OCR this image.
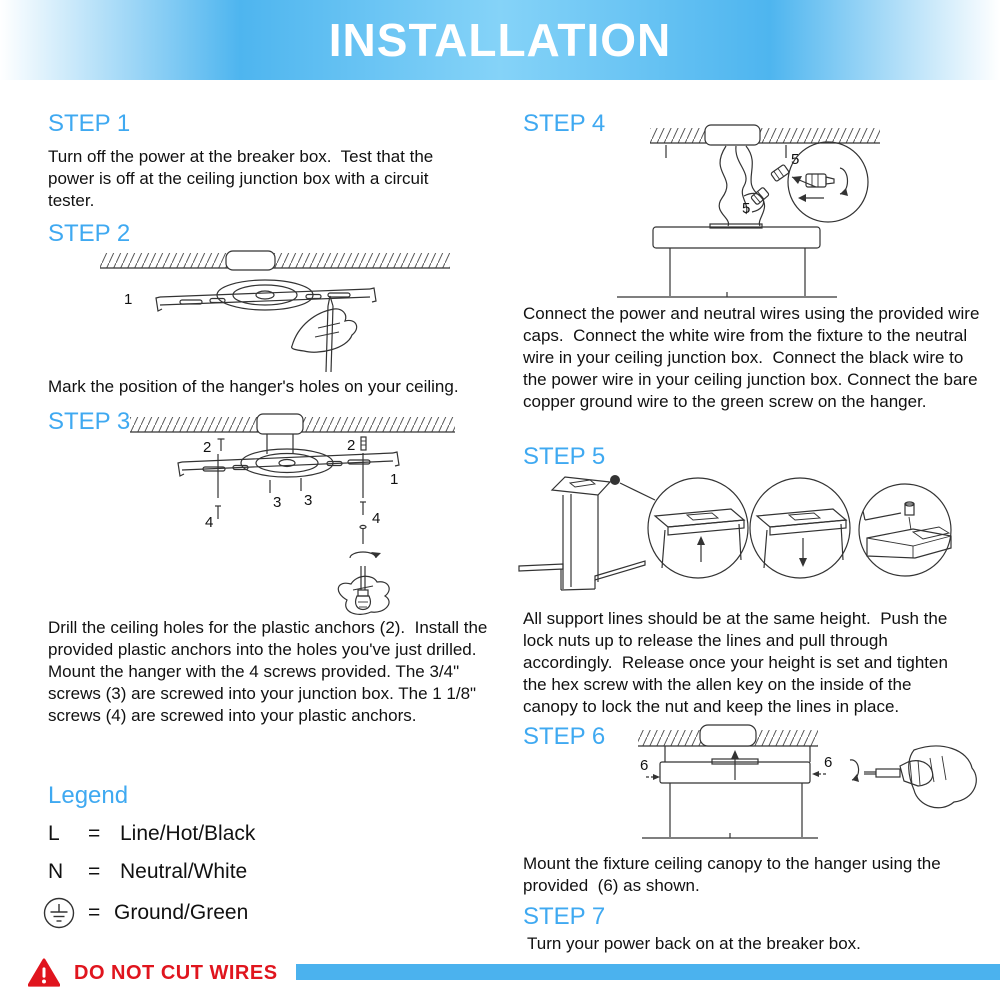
INSTALLATION
STEP 1

Turn off the power at the breaker box.  Test that the power is off at the ceiling junction box with a circuit tester.

STEP 2
1

Mark the position of the hanger's holes on your ceiling.

STEP 3
2	2
1
3 3
4	4

Drill the ceiling holes for the plastic anchors (2).  Install the provided plastic anchors into the holes you've just drilled.  Mount the hanger with the 4 screws provided. The 3/4" screws (3) are screwed into your junction box. The 1 1/8" screws (4) are screwed into your plastic anchors.

Legend
L	= Line/Hot/Black
N	= Neutral/White
= Ground/Green
DO NOT CUT WIRES
STEP 4
5
5

Connect the power and neutral wires using the provided wire caps.  Connect the white wire from the fixture to the neutral wire in your ceiling junction box.  Connect the black wire to the power wire in your ceiling junction box. Connect the bare copper ground wire to the green screw on the hanger.

STEP 5

All support lines should be at the same height.  Push the lock nuts up to release the lines and pull through accordingly.  Release once your height is set and tighten the hex screw with the allen key on the inside of the canopy to lock the nut and keep the lines in place.

STEP 6
6	6

Mount the fixture ceiling canopy to the hanger using the provided  (6) as shown.

STEP 7

Turn your power back on at the breaker box.
